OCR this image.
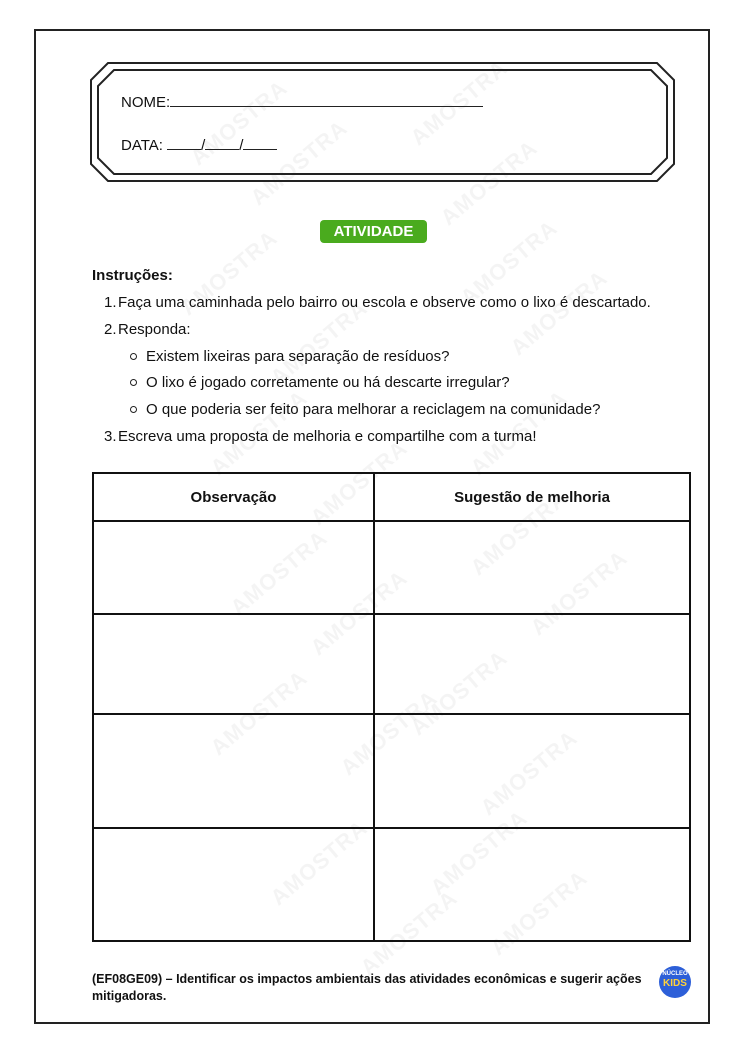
NOME:
DATA:	/ /
ATIVIDADE
Instruções:
1.Faça uma caminhada pelo bairro ou escola e observe como o lixo é descartado.
2.Responda:
Existem lixeiras para separação de resíduos?
O lixo é jogado corretamente ou há descarte irregular?
O que poderia ser feito para melhorar a reciclagem na comunidade?
3.Escreva uma proposta de melhoria e compartilhe com a turma!
Observação	Sugestão de melhoria

(EF08GE09) – Identificar os impactos ambientais das atividades econômicas e sugerir ações mitigadoras.
NÚCLEO
KIDS
